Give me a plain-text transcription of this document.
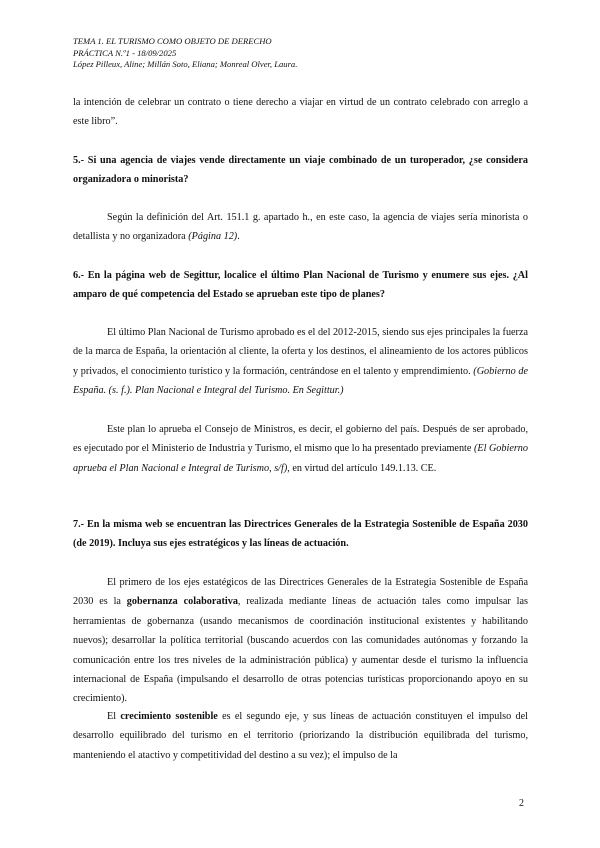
TEMA 1. EL TURISMO COMO OBJETO DE DERECHO
PRÁCTICA N.º1 - 18/09/2025
López Pilleux, Aline; Millán Soto, Eliana; Monreal Olver, Laura.

la intención de celebrar un contrato o tiene derecho a viajar en virtud de un contrato celebrado con arreglo a este libro”.

5.- Si una agencia de viajes vende directamente un viaje combinado de un turoperador, ¿se considera organizadora o minorista?

Según la definición del Art. 151.1 g. apartado h., en este caso, la agencia de viajes sería minorista o detallista y no organizadora (Página 12).

6.- En la página web de Segittur, localice el último Plan Nacional de Turismo y enumere sus ejes. ¿Al amparo de qué competencia del Estado se aprueban este tipo de planes?

El último Plan Nacional de Turismo aprobado es el del 2012-2015, siendo sus ejes principales la fuerza de la marca de España, la orientación al cliente, la oferta y los destinos, el alineamiento de los actores públicos y privados, el conocimiento turístico y la formación, centrándose en el talento y emprendimiento. (Gobierno de España. (s. f.). Plan Nacional e Integral del Turismo. En Segittur.)

Este plan lo aprueba el Consejo de Ministros, es decir, el gobierno del país. Después de ser aprobado, es ejecutado por el Ministerio de Industria y Turismo, el mismo que lo ha presentado previamente (El Gobierno aprueba el Plan Nacional e Integral de Turismo, s/f), en virtud del artículo 149.1.13. CE.

7.- En la misma web se encuentran las Directrices Generales de la Estrategia Sostenible de España 2030 (de 2019). Incluya sus ejes estratégicos y las líneas de actuación.

El primero de los ejes estatégicos de las Directrices Generales de la Estrategia Sostenible de España 2030 es la gobernanza colaborativa, realizada mediante líneas de actuación tales como impulsar las herramientas de gobernanza (usando mecanismos de coordinación institucional existentes y habilitando nuevos); desarrollar la política territorial (buscando acuerdos con las comunidades autónomas y forzando la comunicación entre los tres niveles de la administración pública) y aumentar desde el turismo la influencia internacional de España (impulsando el desarrollo de otras potencias turísticas proporcionando apoyo en su crecimiento).

El crecimiento sostenible es el segundo eje, y sus líneas de actuación constituyen el impulso del desarrollo equilibrado del turismo en el territorio (priorizando la distribución equilibrada del turismo, manteniendo el atactivo y competitividad del destino a su vez); el impulso de la

2
